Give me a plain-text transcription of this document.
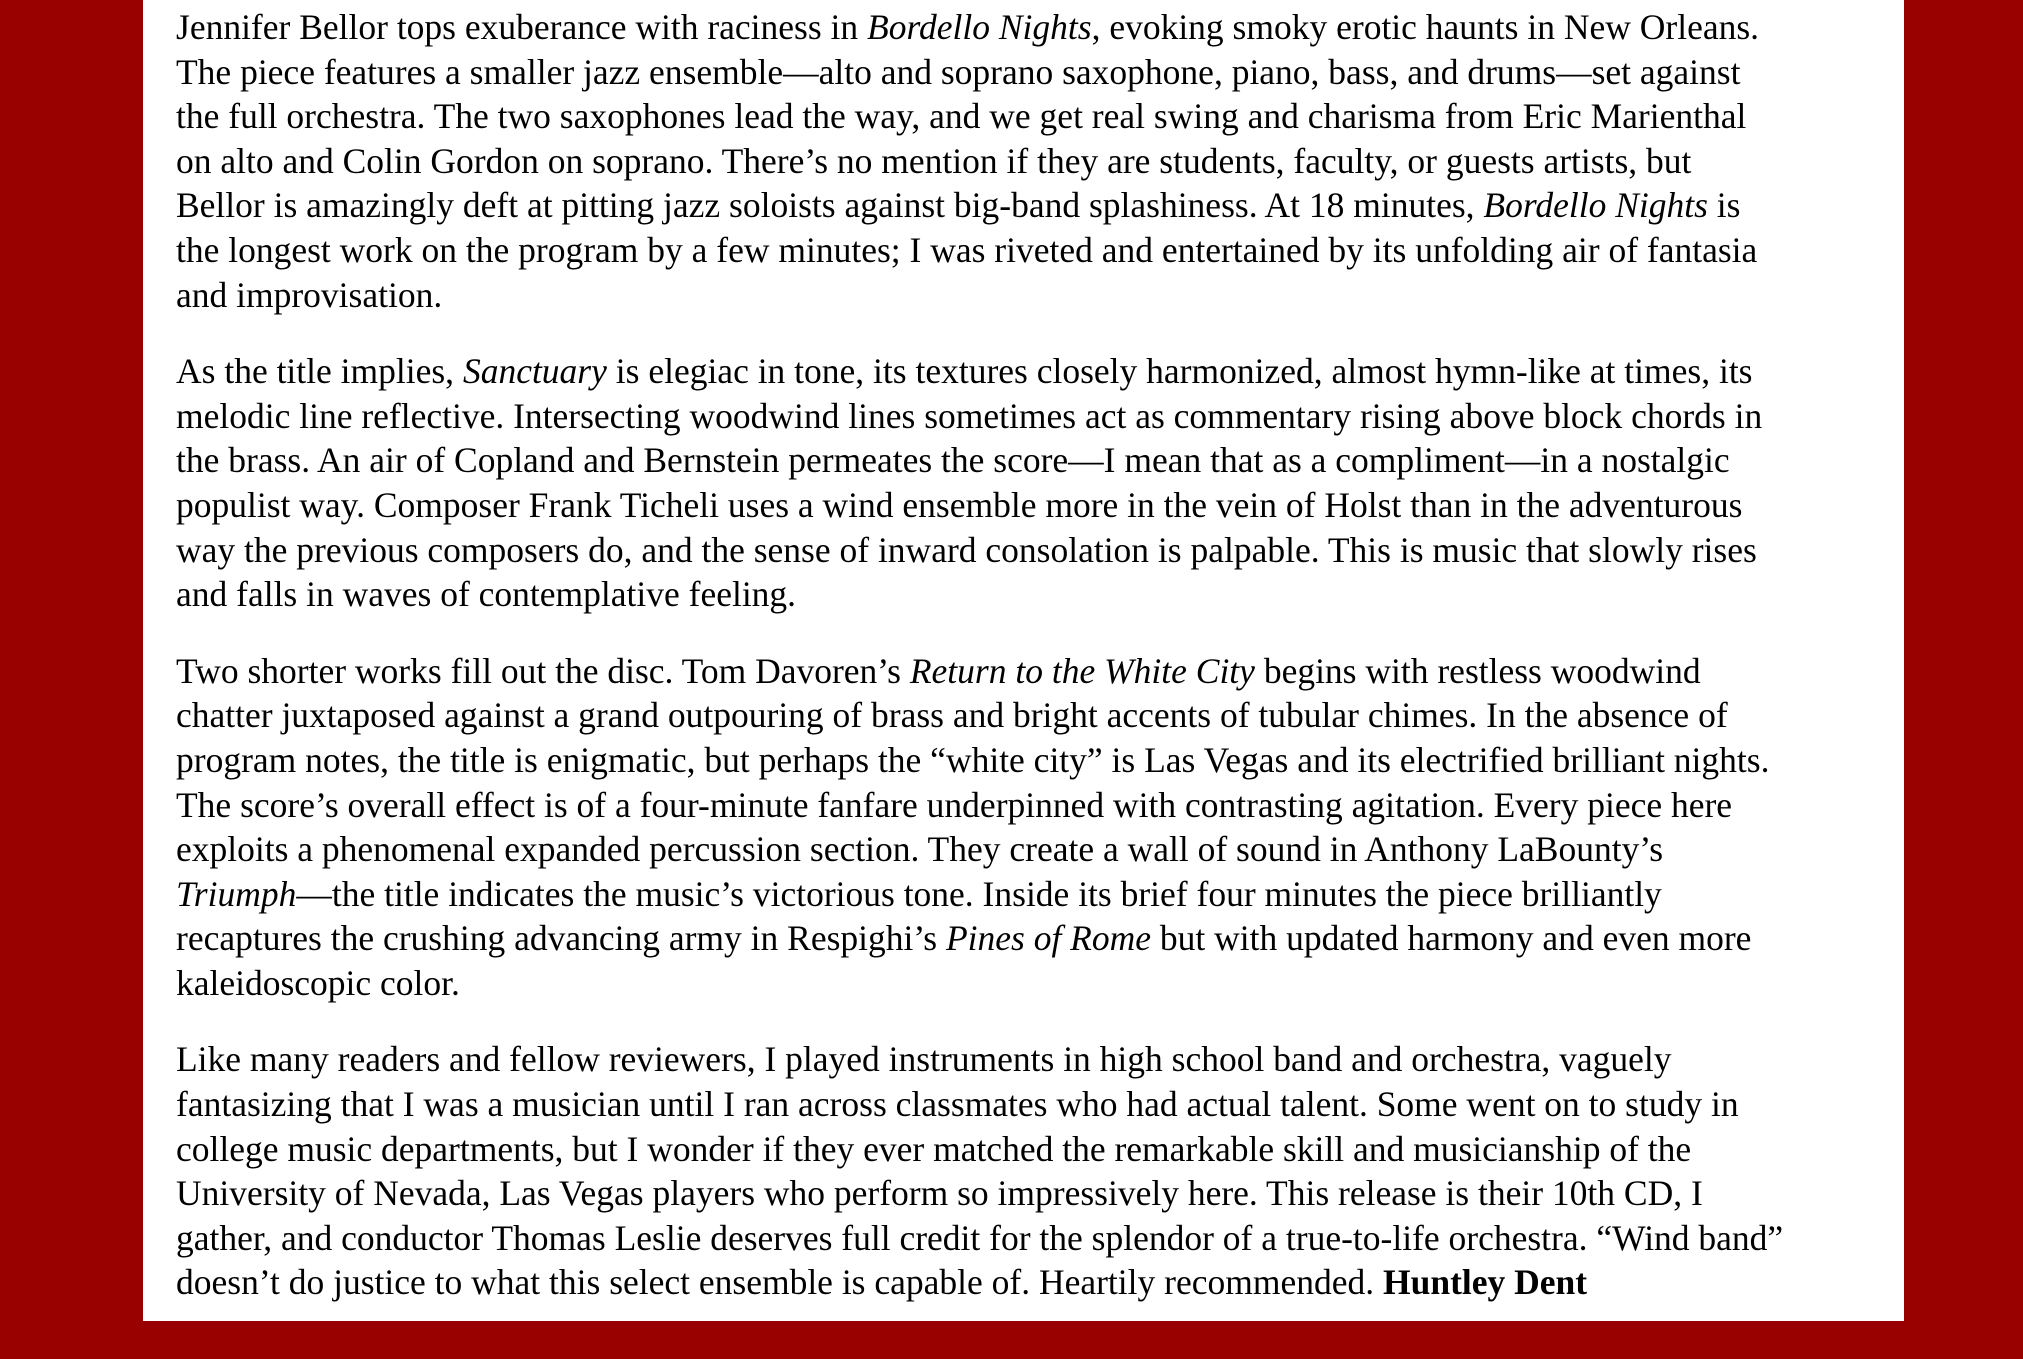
Jennifer Bellor tops exuberance with raciness in Bordello Nights, evoking smoky erotic haunts in New Orleans.
The piece features a smaller jazz ensemble—alto and soprano saxophone, piano, bass, and drums—set against
the full orchestra. The two saxophones lead the way, and we get real swing and charisma from Eric Marienthal
on alto and Colin Gordon on soprano. There’s no mention if they are students, faculty, or guests artists, but
Bellor is amazingly deft at pitting jazz soloists against big-band splashiness. At 18 minutes, Bordello Nights is
the longest work on the program by a few minutes; I was riveted and entertained by its unfolding air of fantasia
and improvisation.

As the title implies, Sanctuary is elegiac in tone, its textures closely harmonized, almost hymn-like at times, its
melodic line reflective. Intersecting woodwind lines sometimes act as commentary rising above block chords in
the brass. An air of Copland and Bernstein permeates the score—I mean that as a compliment—in a nostalgic
populist way. Composer Frank Ticheli uses a wind ensemble more in the vein of Holst than in the adventurous
way the previous composers do, and the sense of inward consolation is palpable. This is music that slowly rises
and falls in waves of contemplative feeling.

Two shorter works fill out the disc. Tom Davoren’s Return to the White City begins with restless woodwind
chatter juxtaposed against a grand outpouring of brass and bright accents of tubular chimes. In the absence of
program notes, the title is enigmatic, but perhaps the “white city” is Las Vegas and its electrified brilliant nights.
The score’s overall effect is of a four-minute fanfare underpinned with contrasting agitation. Every piece here
exploits a phenomenal expanded percussion section. They create a wall of sound in Anthony LaBounty’s
Triumph—the title indicates the music’s victorious tone. Inside its brief four minutes the piece brilliantly
recaptures the crushing advancing army in Respighi’s Pines of Rome but with updated harmony and even more
kaleidoscopic color.

Like many readers and fellow reviewers, I played instruments in high school band and orchestra, vaguely
fantasizing that I was a musician until I ran across classmates who had actual talent. Some went on to study in
college music departments, but I wonder if they ever matched the remarkable skill and musicianship of the
University of Nevada, Las Vegas players who perform so impressively here. This release is their 10th CD, I
gather, and conductor Thomas Leslie deserves full credit for the splendor of a true-to-life orchestra. “Wind band”
doesn’t do justice to what this select ensemble is capable of. Heartily recommended. Huntley Dent
